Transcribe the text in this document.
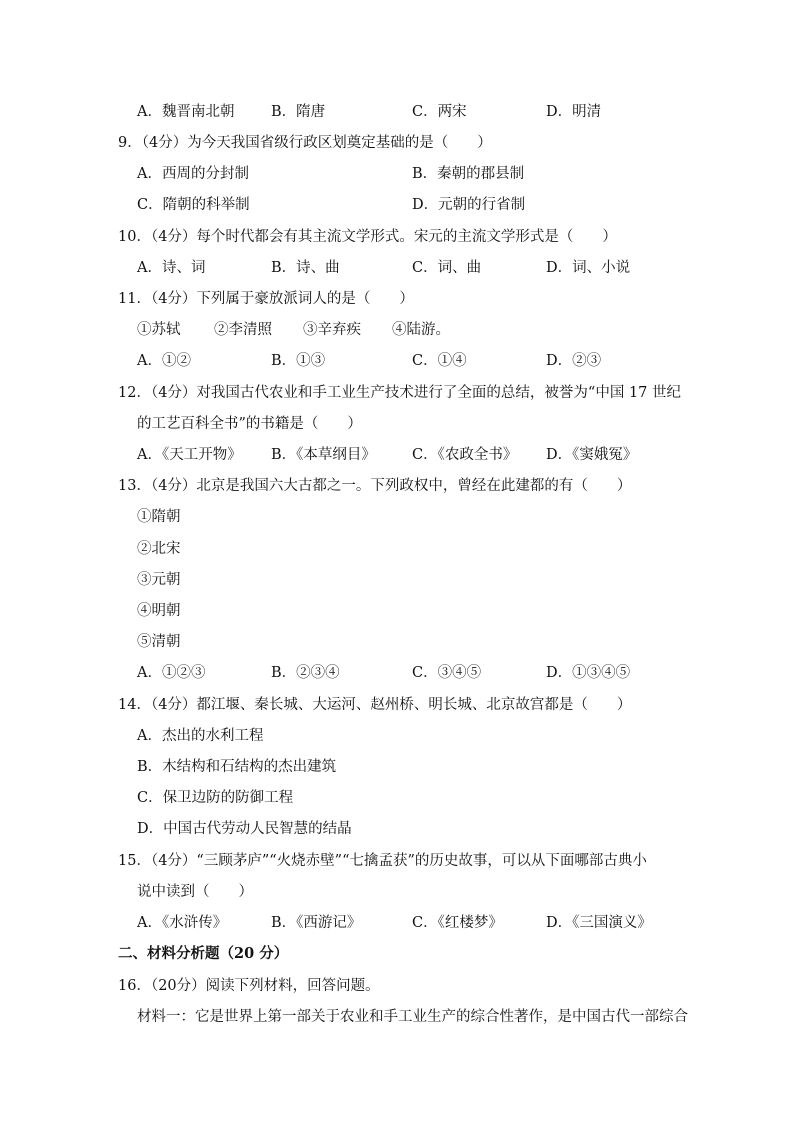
A．魏晋南北朝	B．隋唐	C．两宋	D．明清
9．（4分）为今天我国省级行政区划奠定基础的是（　　）
A．西周的分封制	B．秦朝的郡县制
C．隋朝的科举制	D．元朝的行省制
10．（4分）每个时代都会有其主流文学形式。宋元的主流文学形式是（　　）
A．诗、词	B．诗、曲	C．词、曲	D．词、小说
11．（4分）下列属于豪放派词人的是（　　）
①苏轼 ②李清照 ③辛弃疾 ④陆游。
A．①②	B．①③	C．①④	D．②③
12．（4分）对我国古代农业和手工业生产技术进行了全面的总结，被誉为“中国 17 世纪
的工艺百科全书”的书籍是（　　）
A．《天工开物》 B．《本草纲目》 C．《农政全书》 D．《窦娥冤》
13．（4分）北京是我国六大古都之一。下列政权中，曾经在此建都的有（　　）
①隋朝
②北宋
③元朝
④明朝
⑤清朝
A．①②③	B．②③④	C．③④⑤	D．①③④⑤
14．（4分）都江堰、秦长城、大运河、赵州桥、明长城、北京故宫都是（　　）
A．杰出的水利工程
B．木结构和石结构的杰出建筑
C．保卫边防的防御工程
D．中国古代劳动人民智慧的结晶
15．（4分）“三顾茅庐”“火烧赤壁”“七擒孟获”的历史故事，可以从下面哪部古典小
说中读到（　　）
A．《水浒传》	B．《西游记》	C．《红楼梦》	D．《三国演义》
二、材料分析题（20 分）
16．（20分）阅读下列材料，回答问题。
材料一：它是世界上第一部关于农业和手工业生产的综合性著作，是中国古代一部综合
